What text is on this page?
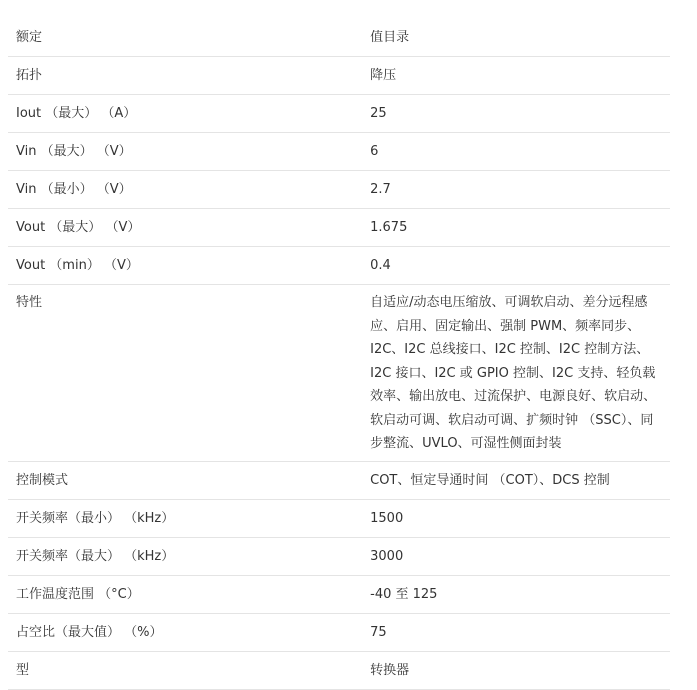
额定	值目录
拓扑	降压
Iout （最大） （A）	25
Vin （最大） （V）	6
Vin （最小） （V）	2.7
Vout （最大） （V）	1.675
Vout （min） （V）	0.4
特性	自适应/动态电压缩放、可调软启动、差分远程感应、启用、固定输出、强制 PWM、频率同步、I2C、I2C 总线接口、I2C 控制、I2C 控制方法、I2C 接口、I2C 或 GPIO 控制、I2C 支持、轻负载效率、输出放电、过流保护、电源良好、软启动、软启动可调、软启动可调、扩频时钟 （SSC）、同步整流、UVLO、可湿性侧面封装
控制模式	COT、恒定导通时间 （COT）、DCS 控制
开关频率（最小） （kHz）	1500
开关频率（最大） （kHz）	3000
工作温度范围 （°C）	-40 至 125
占空比（最大值） （%）	75
型	转换器
